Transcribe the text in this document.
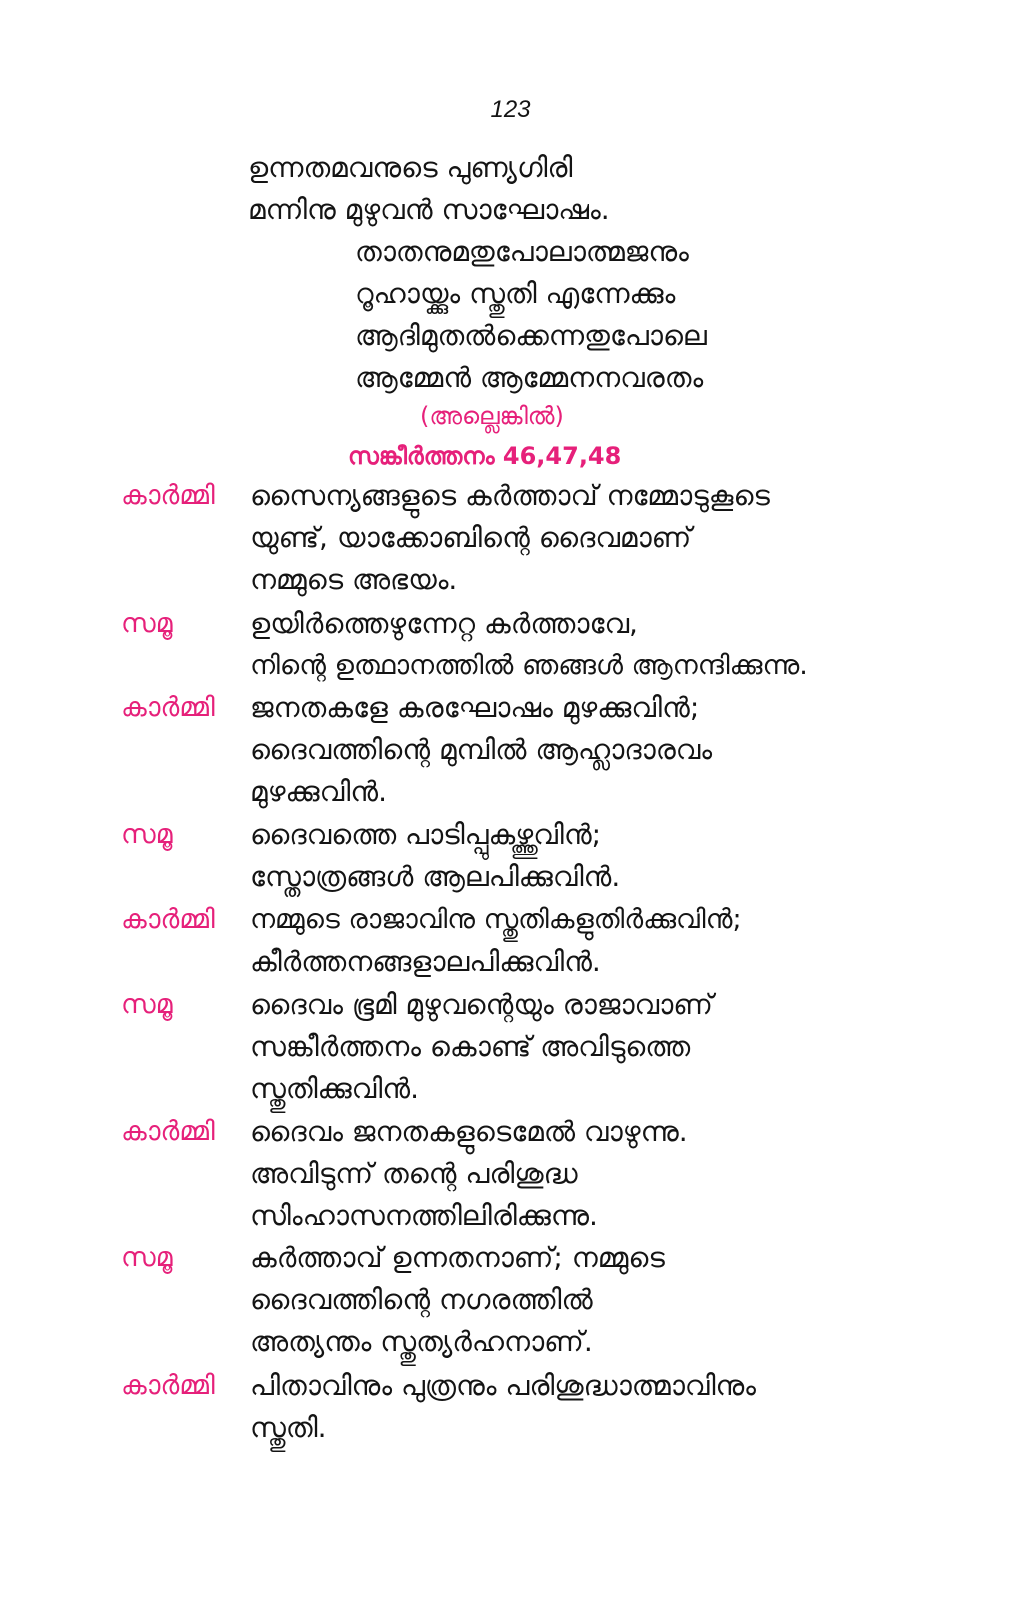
123
ഉന്നതമവനുടെ പുണ്യഗിരി
മന്നിനു മുഴുവൻ സാഘോഷം.
താതനുമതുപോലാത്മജനും
റൂഹായ്ക്കും സ്തുതി എന്നേക്കും
ആദിമുതൽക്കെന്നതുപോലെ
ആമ്മേൻ ആമ്മേനനവരതം
(അല്ലെങ്കിൽ)
സങ്കീർത്തനം 46,47,48
കാർമ്മി സൈന്യങ്ങളുടെ കർത്താവ് നമ്മോടുകൂടെ
യുണ്ട്, യാക്കോബിന്റെ ദൈവമാണ്
നമ്മുടെ അഭയം.
സമൂ	ഉയിർത്തെഴുന്നേറ്റ കർത്താവേ,
നിന്റെ ഉത്ഥാനത്തിൽ ഞങ്ങൾ ആനന്ദിക്കുന്നു.
കാർമ്മി ജനതകളേ കരഘോഷം മുഴക്കുവിൻ;
ദൈവത്തിന്റെ മുമ്പിൽ ആഹ്ലാദാരവം
മുഴക്കുവിൻ.
സമൂ	ദൈവത്തെ പാടിപ്പുകഴ്ത്തുവിൻ;
സ്തോത്രങ്ങൾ ആലപിക്കുവിൻ.
കാർമ്മി നമ്മുടെ രാജാവിനു സ്തുതികളുതിർക്കുവിൻ;
കീർത്തനങ്ങളാലപിക്കുവിൻ.
സമൂ	ദൈവം ഭൂമി മുഴുവന്റെയും രാജാവാണ്
സങ്കീർത്തനം കൊണ്ട് അവിടുത്തെ
സ്തുതിക്കുവിൻ.
കാർമ്മി ദൈവം ജനതകളുടെമേൽ വാഴുന്നു.
അവിടുന്ന് തന്റെ പരിശുദ്ധ
സിംഹാസനത്തിലിരിക്കുന്നു.
സമൂ	കർത്താവ് ഉന്നതനാണ്; നമ്മുടെ
ദൈവത്തിന്റെ നഗരത്തിൽ
അത്യന്തം സ്തുത്യർഹനാണ്.
കാർമ്മി പിതാവിനും പുത്രനും പരിശുദ്ധാത്മാവിനും
സ്തുതി.
